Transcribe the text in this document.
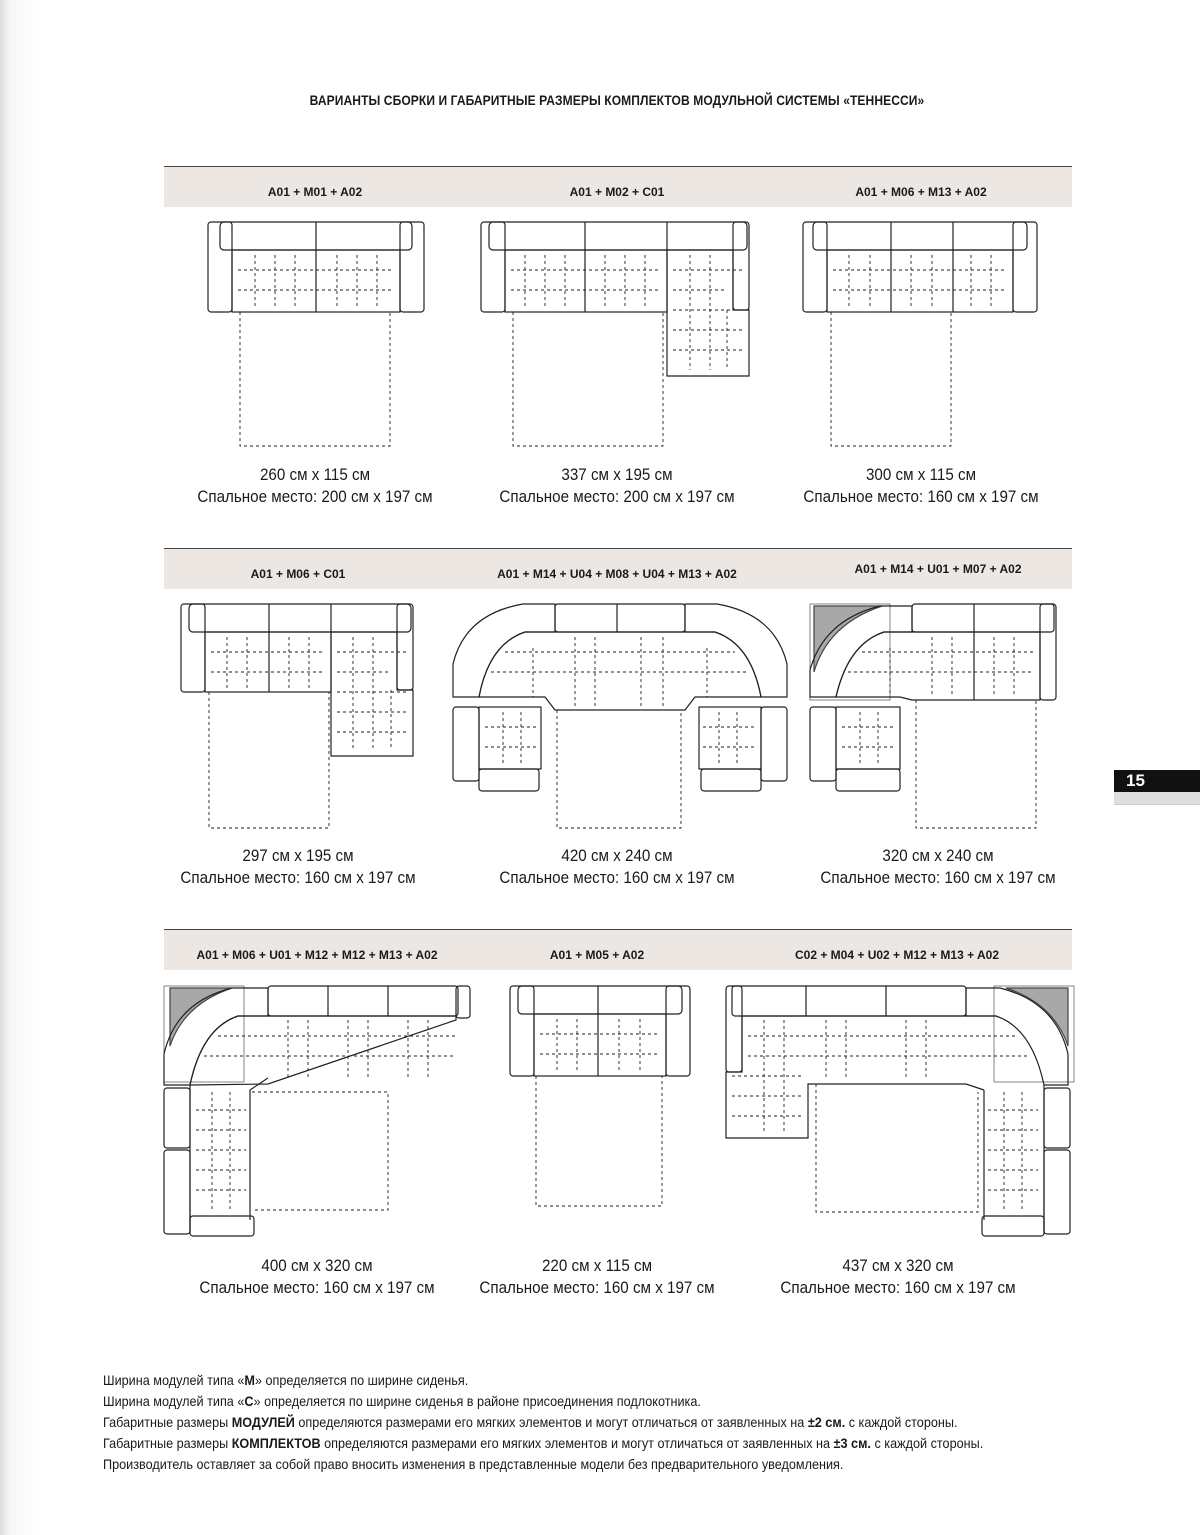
ВАРИАНТЫ СБОРКИ И ГАБАРИТНЫЕ РАЗМЕРЫ КОМПЛЕКТОВ МОДУЛЬНОЙ СИСТЕМЫ «ТЕННЕССИ»
A01 + M01 + A02	A01 + M02 + C01	A01 + M06 + M13 + A02
A01 + M06 + C01	A01 + M14 + U04 + M08 + U04 + M13 + A02	A01 + M14 + U01 + M07 + A02
A01 + M06 + U01 + M12 + M12 + M13 + A02	A01 + M05 + A02	C02 + M04 + U02 + M12 + M13 + A02
260 см х 115 см
Спальное место: 200 см х 197 см
337 см х 195 см
Спальное место: 200 см х 197 см
300 см х 115 см
Спальное место: 160 см х 197 см
297 см х 195 см
Спальное место: 160 см х 197 см
420 см х 240 см
Спальное место: 160 см х 197 см
320 см х 240 см
Спальное место: 160 см х 197 см
400 см х 320 см
Спальное место: 160 см х 197 см
220 см х 115 см
Спальное место: 160 см х 197 см
437 см х 320 см
Спальное место: 160 см х 197 см
15
Ширина модулей типа «M» определяется по ширине сиденья.
Ширина модулей типа «C» определяется по ширине сиденья в районе присоединения подлокотника.
Габаритные размеры МОДУЛЕЙ определяются размерами его мягких элементов и могут отличаться от заявленных на ±2 см. с каждой стороны.
Габаритные размеры КОМПЛЕКТОВ определяются размерами его мягких элементов и могут отличаться от заявленных на ±3 см. с каждой стороны.
Производитель оставляет за собой право вносить изменения в представленные модели без предварительного уведомления.
